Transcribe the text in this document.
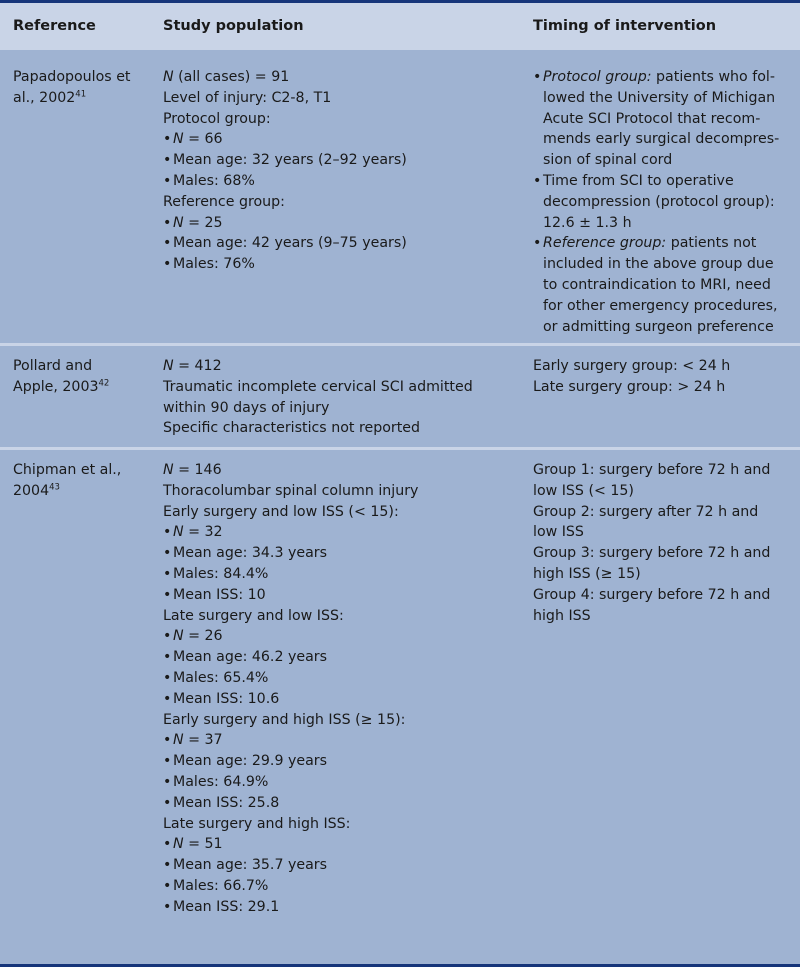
Reference	Study population	Timing of intervention
Papadopoulos et
al., 2002$^{41}$
N (all cases) = 91
Level of injury: C2-8, T1
Protocol group:
• N = 66
• Mean age: 32 years (2–92 years)
• Males: 68%
Reference group:
• N = 25
• Mean age: 42 years (9–75 years)
• Males: 76%
• Protocol group: patients who fol-
lowed the University of Michigan
Acute SCI Protocol that recom-
mends early surgical decompres-
sion of spinal cord
• Time from SCI to operative
decompression (protocol group):
12.6 ± 1.3 h
• Reference group: patients not
included in the above group due
to contraindication to MRI, need
for other emergency procedures,
or admitting surgeon preference
Pollard and
Apple, 2003$^{42}$
N = 412
Traumatic incomplete cervical SCI admitted
within 90 days of injury
Specific characteristics not reported
Early surgery group: < 24 h
Late surgery group: > 24 h
Chipman et al.,
2004$^{43}$
N = 146
Thoracolumbar spinal column injury
Early surgery and low ISS (< 15):
• N = 32
• Mean age: 34.3 years
• Males: 84.4%
• Mean ISS: 10
Late surgery and low ISS:
• N = 26
• Mean age: 46.2 years
• Males: 65.4%
• Mean ISS: 10.6
Early surgery and high ISS (≥ 15):
• N = 37
• Mean age: 29.9 years
• Males: 64.9%
• Mean ISS: 25.8
Late surgery and high ISS:
• N = 51
• Mean age: 35.7 years
• Males: 66.7%
• Mean ISS: 29.1
Group 1: surgery before 72 h and
low ISS (< 15)
Group 2: surgery after 72 h and
low ISS
Group 3: surgery before 72 h and
high ISS (≥ 15)
Group 4: surgery before 72 h and
high ISS
